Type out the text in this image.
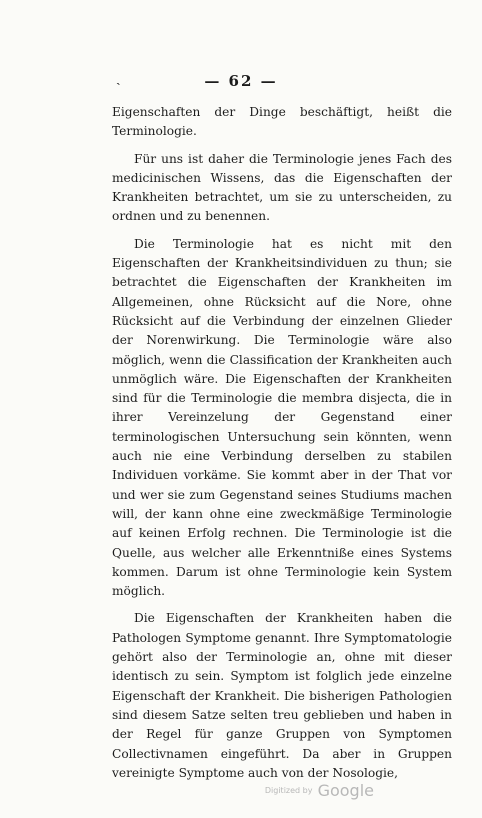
ˏ	— 62 —

Eigenschaften der Dinge beschäftigt, heißt die Terminologie.

Für uns ist daher die Terminologie jenes Fach des medicinischen Wissens, das die Eigenschaften der Krankheiten betrachtet, um sie zu unterscheiden, zu ordnen und zu benennen.

Die Terminologie hat es nicht mit den Eigenschaften der Krankheitsindividuen zu thun; sie betrachtet die Eigenschaften der Krankheiten im Allgemeinen, ohne Rücksicht auf die Nore, ohne Rücksicht auf die Verbindung der einzelnen Glieder der Norenwirkung. Die Terminologie wäre also möglich, wenn die Classification der Krankheiten auch unmöglich wäre. Die Eigenschaften der Krankheiten sind für die Terminologie die membra disjecta, die in ihrer Vereinzelung der Gegenstand einer terminologischen Untersuchung sein könnten, wenn auch nie eine Verbindung derselben zu stabilen Individuen vorkäme. Sie kommt aber in der That vor und wer sie zum Gegenstand seines Studiums machen will, der kann ohne eine zweckmäßige Terminologie auf keinen Erfolg rechnen. Die Terminologie ist die Quelle, aus welcher alle Erkenntniße eines Systems kommen. Darum ist ohne Terminologie kein System möglich.

Die Eigenschaften der Krankheiten haben die Pathologen Symptome genannt. Ihre Symptomatologie gehört also der Terminologie an, ohne mit dieser identisch zu sein. Symptom ist folglich jede einzelne Eigenschaft der Krankheit. Die bisherigen Pathologien sind diesem Satze selten treu geblieben und haben in der Regel für ganze Gruppen von Symptomen Collectivnamen eingeführt. Da aber in Gruppen vereinigte Symptome auch von der Nosologie,

Digitized by Google
